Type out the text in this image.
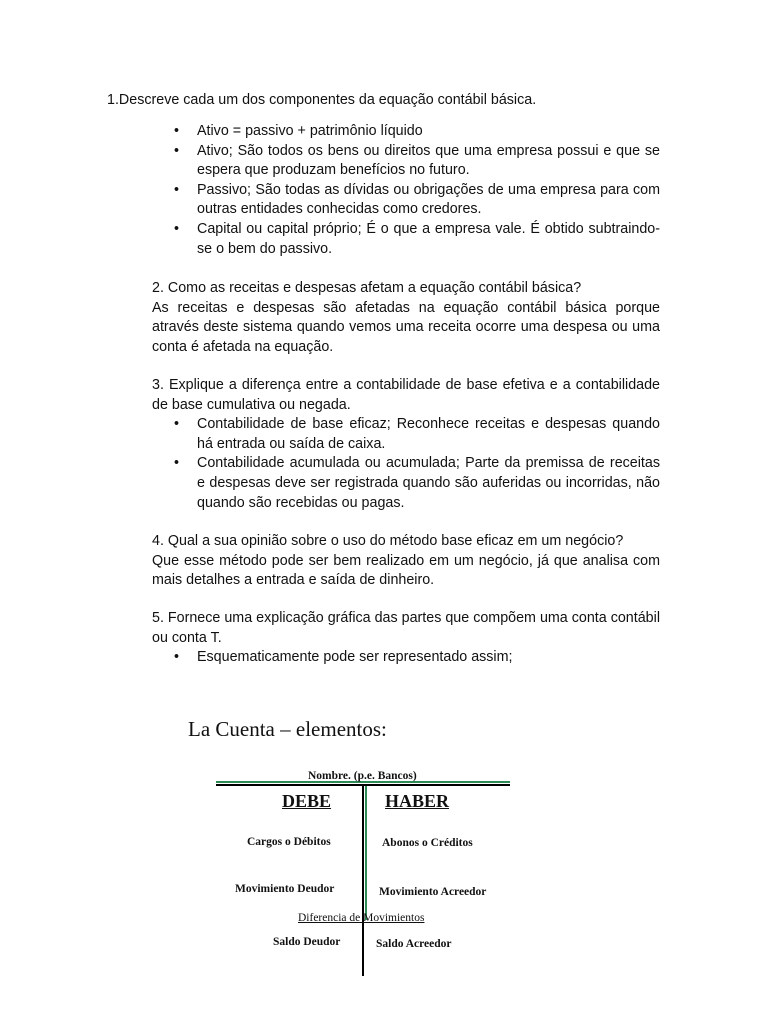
1.Descreve cada um dos componentes da equação contábil básica.
• Ativo = passivo + patrimônio líquido
• Ativo; São todos os bens ou direitos que uma empresa possui e que se espera que produzam benefícios no futuro.
• Passivo; São todas as dívidas ou obrigações de uma empresa para com outras entidades conhecidas como credores.
• Capital ou capital próprio; É o que a empresa vale. É obtido subtraindo-se o bem do passivo.

2. Como as receitas e despesas afetam a equação contábil básica?

As receitas e despesas são afetadas na equação contábil básica porque através deste sistema quando vemos uma receita ocorre uma despesa ou uma conta é afetada na equação.

3. Explique a diferença entre a contabilidade de base efetiva e a contabilidade de base cumulativa ou negada.

• Contabilidade de base eficaz; Reconhece receitas e despesas quando há entrada ou saída de caixa.
• Contabilidade acumulada ou acumulada; Parte da premissa de receitas e despesas deve ser registrada quando são auferidas ou incorridas, não quando são recebidas ou pagas.

4. Qual a sua opinião sobre o uso do método base eficaz em um negócio?

Que esse método pode ser bem realizado em um negócio, já que analisa com mais detalhes a entrada e saída de dinheiro.

5. Fornece uma explicação gráfica das partes que compõem uma conta contábil ou conta T.

• Esquematicamente pode ser representado assim;
La Cuenta – elementos:
Nombre. (p.e. Bancos)
DEBE	HABER
Cargos o Débitos	Abonos o Créditos
Movimiento Deudor	Movimiento Acreedor
Diferencia de Movimientos
Saldo Deudor	Saldo Acreedor
